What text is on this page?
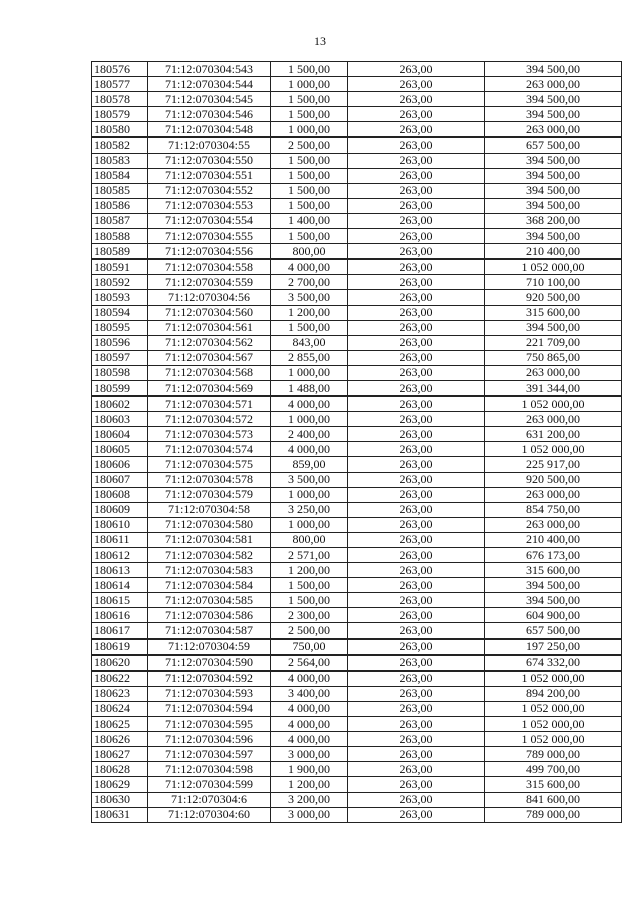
13
180576	71:12:070304:543	1 500,00	263,00	394 500,00
180577	71:12:070304:544	1 000,00	263,00	263 000,00
180578	71:12:070304:545	1 500,00	263,00	394 500,00
180579	71:12:070304:546	1 500,00	263,00	394 500,00
180580	71:12:070304:548	1 000,00	263,00	263 000,00
180582	71:12:070304:55	2 500,00	263,00	657 500,00
180583	71:12:070304:550	1 500,00	263,00	394 500,00
180584	71:12:070304:551	1 500,00	263,00	394 500,00
180585	71:12:070304:552	1 500,00	263,00	394 500,00
180586	71:12:070304:553	1 500,00	263,00	394 500,00
180587	71:12:070304:554	1 400,00	263,00	368 200,00
180588	71:12:070304:555	1 500,00	263,00	394 500,00
180589	71:12:070304:556	800,00	263,00	210 400,00
180591	71:12:070304:558	4 000,00	263,00	1 052 000,00
180592	71:12:070304:559	2 700,00	263,00	710 100,00
180593	71:12:070304:56	3 500,00	263,00	920 500,00
180594	71:12:070304:560	1 200,00	263,00	315 600,00
180595	71:12:070304:561	1 500,00	263,00	394 500,00
180596	71:12:070304:562	843,00	263,00	221 709,00
180597	71:12:070304:567	2 855,00	263,00	750 865,00
180598	71:12:070304:568	1 000,00	263,00	263 000,00
180599	71:12:070304:569	1 488,00	263,00	391 344,00
180602	71:12:070304:571	4 000,00	263,00	1 052 000,00
180603	71:12:070304:572	1 000,00	263,00	263 000,00
180604	71:12:070304:573	2 400,00	263,00	631 200,00
180605	71:12:070304:574	4 000,00	263,00	1 052 000,00
180606	71:12:070304:575	859,00	263,00	225 917,00
180607	71:12:070304:578	3 500,00	263,00	920 500,00
180608	71:12:070304:579	1 000,00	263,00	263 000,00
180609	71:12:070304:58	3 250,00	263,00	854 750,00
180610	71:12:070304:580	1 000,00	263,00	263 000,00
180611	71:12:070304:581	800,00	263,00	210 400,00
180612	71:12:070304:582	2 571,00	263,00	676 173,00
180613	71:12:070304:583	1 200,00	263,00	315 600,00
180614	71:12:070304:584	1 500,00	263,00	394 500,00
180615	71:12:070304:585	1 500,00	263,00	394 500,00
180616	71:12:070304:586	2 300,00	263,00	604 900,00
180617	71:12:070304:587	2 500,00	263,00	657 500,00
180619	71:12:070304:59	750,00	263,00	197 250,00
180620	71:12:070304:590	2 564,00	263,00	674 332,00
180622	71:12:070304:592	4 000,00	263,00	1 052 000,00
180623	71:12:070304:593	3 400,00	263,00	894 200,00
180624	71:12:070304:594	4 000,00	263,00	1 052 000,00
180625	71:12:070304:595	4 000,00	263,00	1 052 000,00
180626	71:12:070304:596	4 000,00	263,00	1 052 000,00
180627	71:12:070304:597	3 000,00	263,00	789 000,00
180628	71:12:070304:598	1 900,00	263,00	499 700,00
180629	71:12:070304:599	1 200,00	263,00	315 600,00
180630	71:12:070304:6	3 200,00	263,00	841 600,00
180631	71:12:070304:60	3 000,00	263,00	789 000,00
